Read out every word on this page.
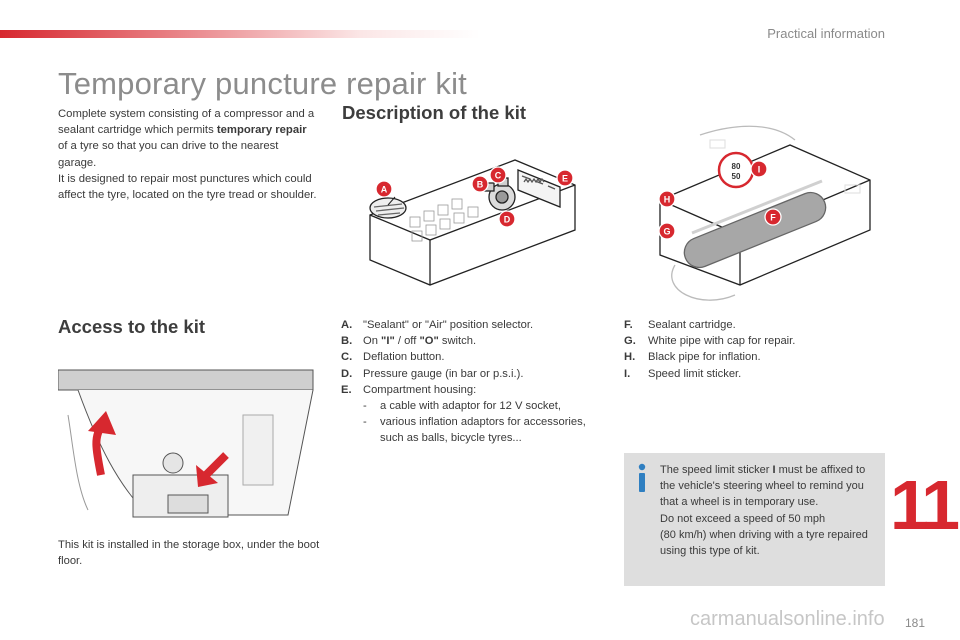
Practical information
Temporary puncture repair kit

Complete system consisting of a compressor and a sealant cartridge which permits temporary repair of a tyre so that you can drive to the nearest garage.

It is designed to repair most punctures which could affect the tyre, located on the tyre tread or shoulder.

Description of the kit
A	B
C
D
E
80
50
F
G
H
I
Access to the kit	A. "Sealant" or "Air" position selector.
B. On "I" / off "O" switch.
C. Deflation button.
D. Pressure gauge (in bar or p.s.i.).
E.	Compartment housing:
-	a cable with adaptor for 12 V socket,
-	various inflation adaptors for accessories, such as balls, bicycle tyres...
F.	Sealant cartridge.
G.	White pipe with cap for repair.
H.	Black pipe for inflation.
I.	Speed limit sticker.
The speed limit sticker I must be affixed to the vehicle's steering wheel to remind you that a wheel is in temporary use.
Do not exceed a speed of 50 mph
(80 km/h) when driving with a tyre repaired using this type of kit.
11
This kit is installed in the storage box, under the boot floor.
carmanualsonline.info 181
